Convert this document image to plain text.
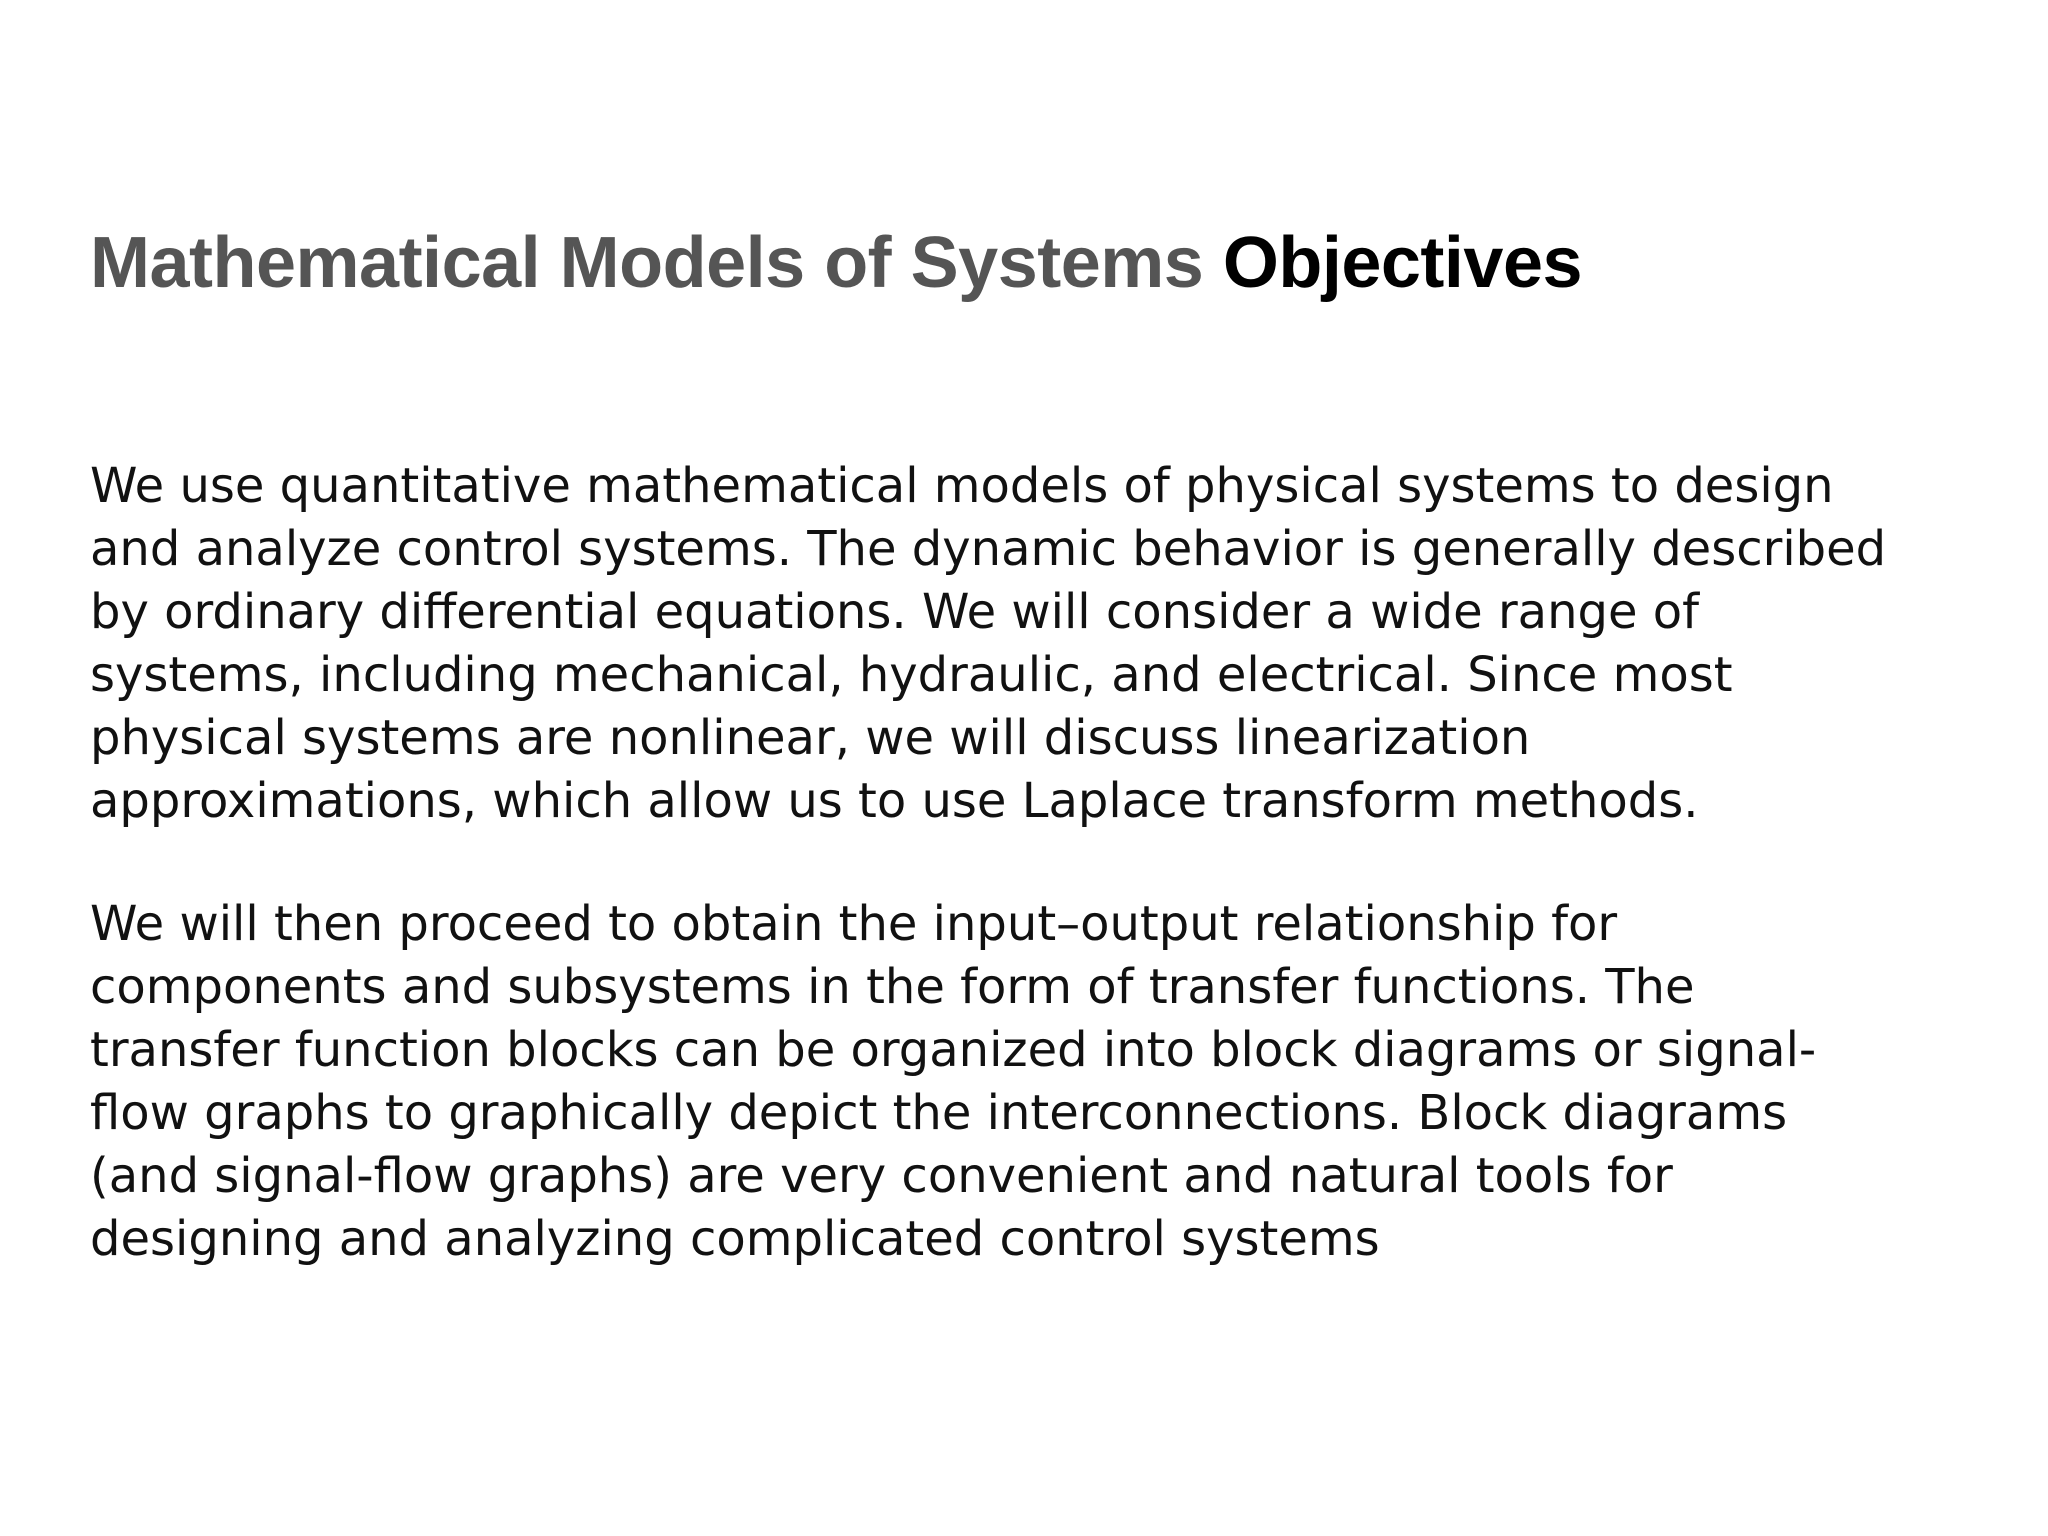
Mathematical Models of Systems Objectives

We use quantitative mathematical models of physical systems to design
and analyze control systems. The dynamic behavior is generally described
by ordinary differential equations. We will consider a wide range of
systems, including mechanical, hydraulic, and electrical. Since most
physical systems are nonlinear, we will discuss linearization
approximations, which allow us to use Laplace transform methods.

We will then proceed to obtain the input–output relationship for
components and subsystems in the form of transfer functions. The
transfer function blocks can be organized into block diagrams or signal-
flow graphs to graphically depict the interconnections. Block diagrams
(and signal-flow graphs) are very convenient and natural tools for
designing and analyzing complicated control systems
